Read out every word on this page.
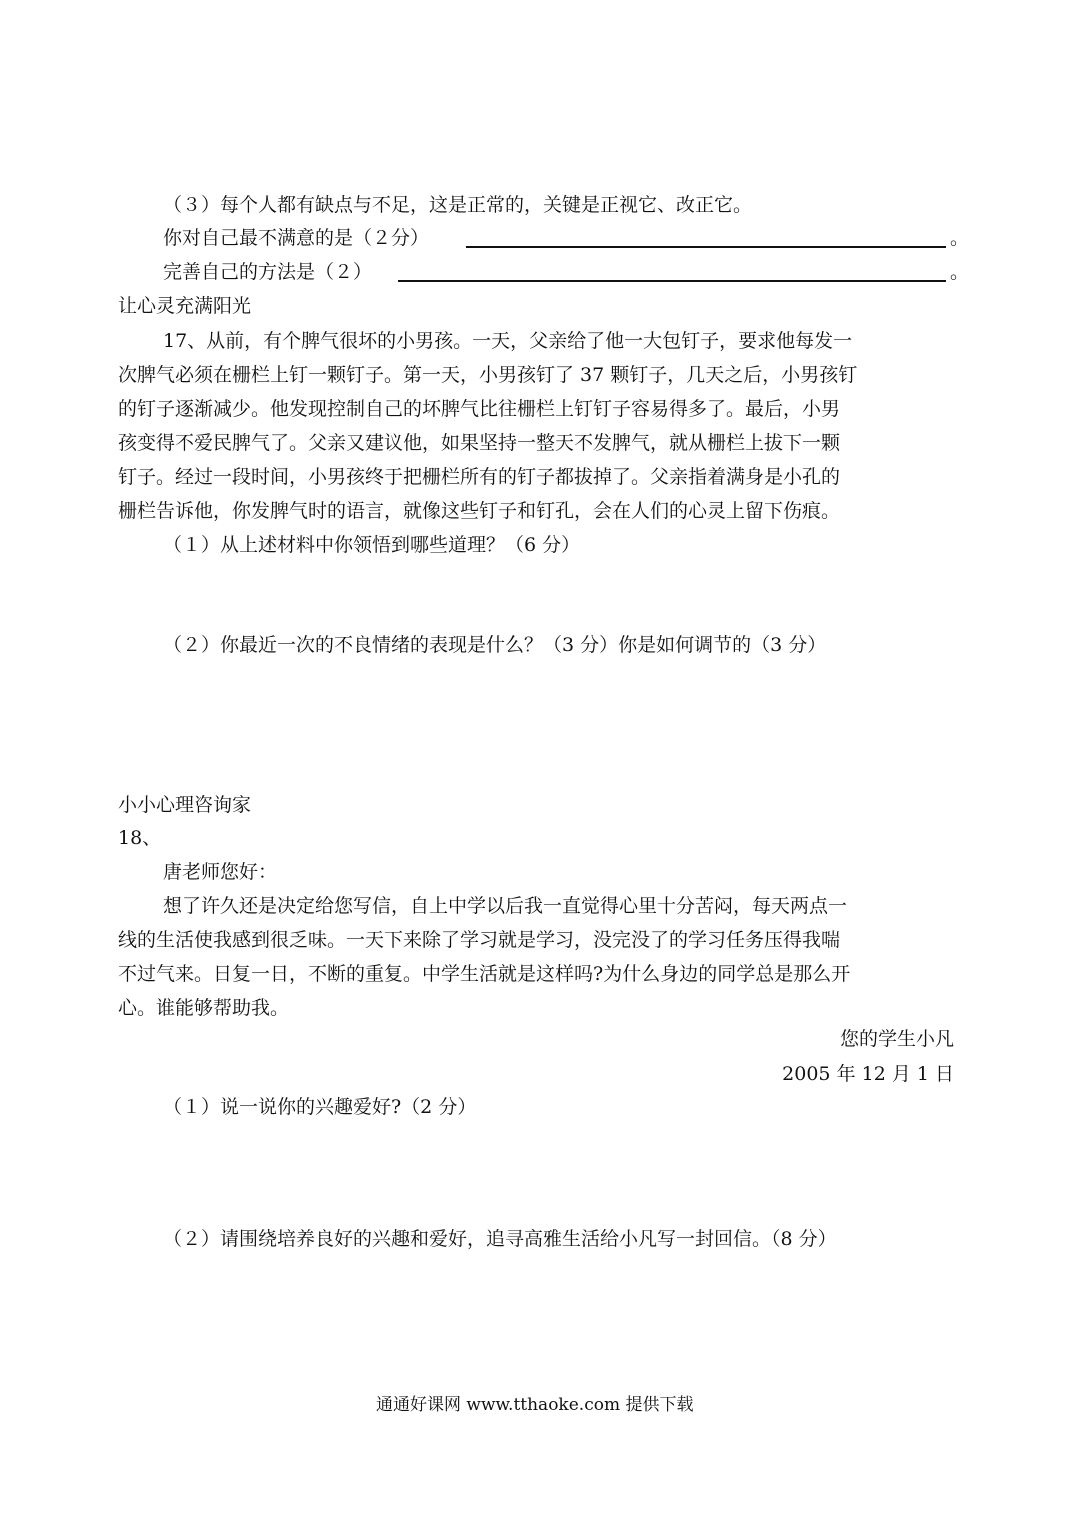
（３）每个人都有缺点与不足，这是正常的，关键是正视它、改正它。
你对自己最不满意的是（２分）	。
完善自己的方法是（２）	。
让心灵充满阳光
17、从前，有个脾气很坏的小男孩。一天，父亲给了他一大包钉子，要求他每发一
次脾气必须在栅栏上钉一颗钉子。第一天，小男孩钉了 37 颗钉子，几天之后，小男孩钉
的钉子逐渐减少。他发现控制自己的坏脾气比往栅栏上钉钉子容易得多了。最后，小男
孩变得不爱民脾气了。父亲又建议他，如果坚持一整天不发脾气，就从栅栏上拔下一颗
钉子。经过一段时间，小男孩终于把栅栏所有的钉子都拔掉了。父亲指着满身是小孔的
栅栏告诉他，你发脾气时的语言，就像这些钉子和钉孔，会在人们的心灵上留下伤痕。
（１）从上述材料中你领悟到哪些道理？（6 分）
（２）你最近一次的不良情绪的表现是什么？（3 分）你是如何调节的（3 分）
小小心理咨询家
18、
唐老师您好：
想了许久还是决定给您写信，自上中学以后我一直觉得心里十分苦闷，每天两点一
线的生活使我感到很乏味。一天下来除了学习就是学习，没完没了的学习任务压得我喘
不过气来。日复一日，不断的重复。中学生活就是这样吗?为什么身边的同学总是那么开
心。谁能够帮助我。
您的学生小凡
2005 年 12 月 1 日
（１）说一说你的兴趣爱好?（2 分）
（２）请围绕培养良好的兴趣和爱好，追寻高雅生活给小凡写一封回信。（8 分）
通通好课网 www.tthaoke.com 提供下载
